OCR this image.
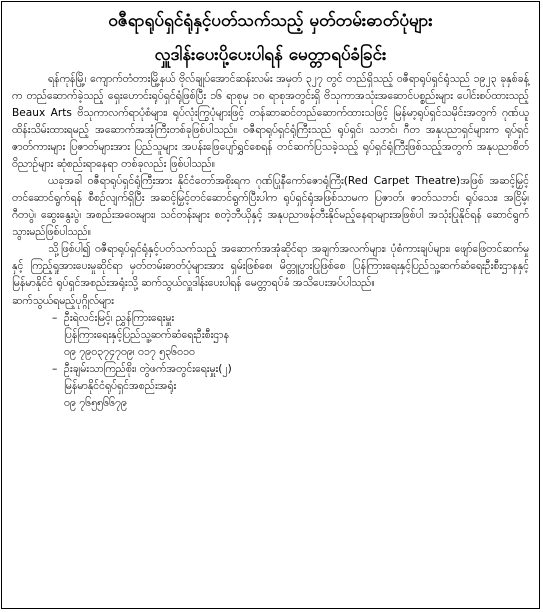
ဝဇီရာရုပ်ရှင်ရုံနှင့်ပတ်သက်သည့် မှတ်တမ်းဓာတ်ပုံများ
လှူဒါန်းပေးပို့ပေးပါရန် မေတ္တာရပ်ခံခြင်း

ရန်ကုန်မြို့၊ ကျောက်တံတားမြို့နယ် ဗိုလ်ချုပ်အောင်ဆန်းလမ်း အမှတ် ၃၂၇ တွင် တည်ရှိသည့် ဝဇီရာရုပ်ရှင်ရုံသည် ၁၉၂၃ ခုနှစ်ခန့်က တည်ဆောက်ခဲ့သည့် ရှေးဟောင်းရုပ်ရှင်ရုံဖြစ်ပြီး ၁၆ ရာစုမှ ၁၈ ရာစုအတွင်းရှိ ဗိသုကာအသုံးအဆောင်ပစ္စည်းများ ပေါင်းစပ်ထားသည့် Beaux Arts ဗိသုကာလက်ရာပုံစံများ၊ ရုပ်လုံးကြွပုံများဖြင့် တန်ဆာဆင်တည်ဆောက်ထားသဖြင့် မြန်မာ့ရုပ်ရှင်သမိုင်းအတွက် ဂုဏ်ယူထိန်းသိမ်းထားရမည့် အဆောက်အအုံကြီးတစ်ခုဖြစ်ပါသည်။ ဝဇီရာရုပ်ရှင်ရုံကြီးသည် ရုပ်ရှင်၊ သဘင်၊ ဂီတ အနုပညာရှင်များက ရုပ်ရှင်ဇာတ်ကားများ ပြဇာတ်များအား ပြည်သူများ အပန်းဖြေပျော်ရွှင်စေရန် တင်ဆက်ပြသခဲ့သည့် ရုပ်ရှင်ရုံကြီးဖြစ်သည့်အတွက် အနုပညာစိတ်ဝိညာဉ်များ ဆုံစည်းရာနေရာ တစ်ခုလည်း ဖြစ်ပါသည်။

ယခုအခါ ဝဇီရာရုပ်ရှင်ရုံကြီးအား နိုင်ငံတော်အစိုးရက ဂုဏ်ပြုနီကော်ဇောရုံကြီး(Red Carpet Theatre)အဖြစ် အဆင့်မြှင့်တင်ဆောင်ရွက်ရန် စီစဉ်လျက်ရှိပြီး အဆင့်မြှင့်တင်ဆောင်ရွက်ပြီးပါက ရုပ်ရှင်ရုံအဖြစ်သာမက ပြဇာတ်၊ ဇာတ်သဘင်၊ ရုပ်သေး၊ အငြိမ့်၊ ဂီတပွဲ၊ ဆွေးနွေးပွဲ၊ အစည်းအဝေးများ၊ သင်တန်းများ စတဲ့ဘီယိုနှင့် အနုပညာဖန်တီးနိုင်မည့်နေရာများအဖြစ်ပါ အသုံးပြုနိုင်ရန် ဆောင်ရွက်သွားမည်ဖြစ်ပါသည်။

သို့ဖြစ်ပါ၍ ဝဇီရာရုပ်ရှင်ရုံနှင့်ပတ်သက်သည့် အဆောက်အအုံဆိုင်ရာ အချက်အလက်များ၊ ပုံစံကားချပ်များ၊ ဖျော်ဖြေတင်ဆက်မှုနှင့် ကြည့်ရှုအားပေးမှုဆိုင်ရာ မှတ်တမ်းဓာတ်ပုံများအား ရှမ်းဖြစ်စေ၊ မိတ္တူပွားပြုဖြစ်စေ ပြန်ကြားရေးနှင့်ပြည်သူ့ဆက်ဆံရေးဦးစီးဌာနနှင့် မြန်မာနိုင်ငံ ရုပ်ရှင်အစည်းအရုံးသို့ ဆက်သွယ်လှူဒါန်းပေးပါရန် မေတ္တာရပ်ခံ အသိပေးအပ်ပါသည်။

ဆက်သွယ်ရမည့်ပုဂ္ဂိုလ်များ
– ဦးရဲလင်းမြင့်၊ ညွှန်ကြားရေးမှူး
ပြန်ကြားရေးနှင့်ပြည်သူ့ဆက်ဆံရေးဦးစီးဌာန
၀၉ ၇၉၀၃၇၄၇၀၉၊ ၀၁၇ ၅၃၆၀၁၀
– ဦးချမ်းသာကြည်စိုး၊ တွဲဖက်အတွင်းရေးမှူး(၂)
မြန်မာနိုင်ငံရုပ်ရှင်အစည်းအရုံး
၀၉ ၇၆၅၅၆၆၇၉
